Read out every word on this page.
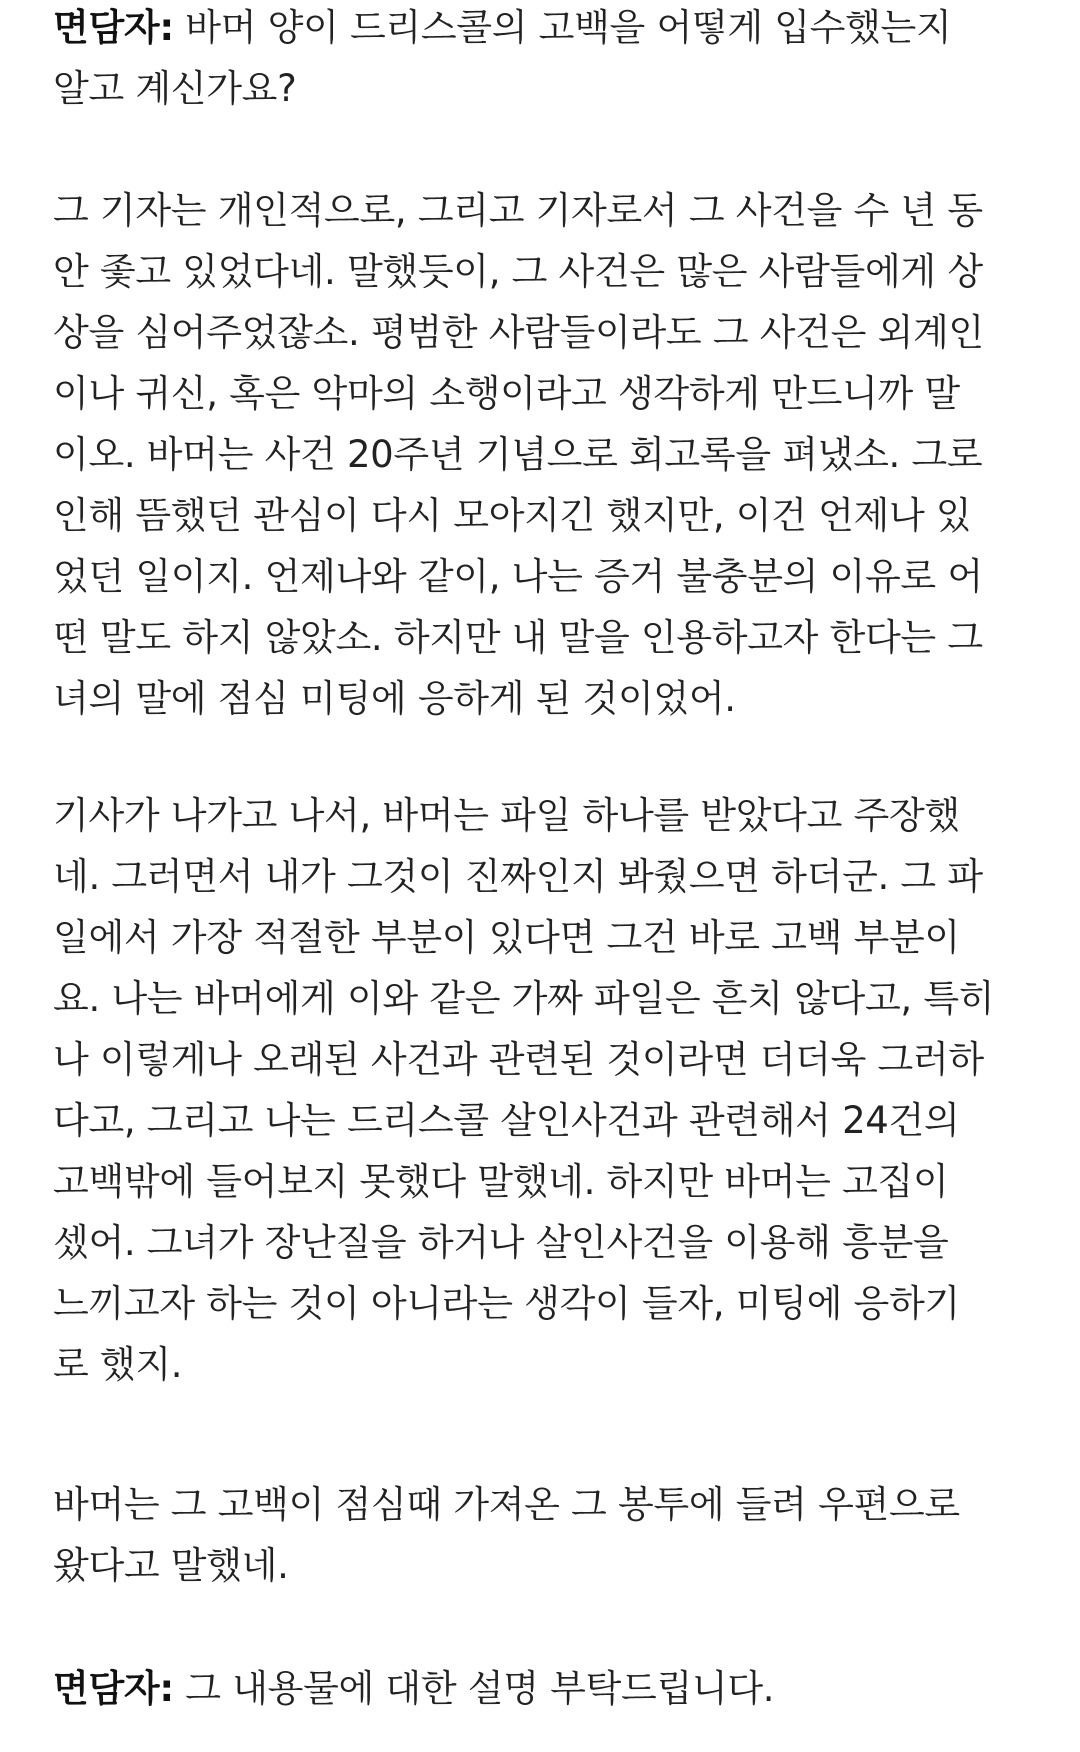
면담자: 바머 양이 드리스콜의 고백을 어떻게 입수했는지
알고 계신가요?

그 기자는 개인적으로, 그리고 기자로서 그 사건을 수 년 동
안 좇고 있었다네. 말했듯이, 그 사건은 많은 사람들에게 상
상을 심어주었잖소. 평범한 사람들이라도 그 사건은 외계인
이나 귀신, 혹은 악마의 소행이라고 생각하게 만드니까 말
이오. 바머는 사건 20주년 기념으로 회고록을 펴냈소. 그로
인해 뜸했던 관심이 다시 모아지긴 했지만, 이건 언제나 있
었던 일이지. 언제나와 같이, 나는 증거 불충분의 이유로 어
떤 말도 하지 않았소. 하지만 내 말을 인용하고자 한다는 그
녀의 말에 점심 미팅에 응하게 된 것이었어.

기사가 나가고 나서, 바머는 파일 하나를 받았다고 주장했
네. 그러면서 내가 그것이 진짜인지 봐줬으면 하더군. 그 파
일에서 가장 적절한 부분이 있다면 그건 바로 고백 부분이
요. 나는 바머에게 이와 같은 가짜 파일은 흔치 않다고, 특히
나 이렇게나 오래된 사건과 관련된 것이라면 더더욱 그러하
다고, 그리고 나는 드리스콜 살인사건과 관련해서 24건의
고백밖에 들어보지 못했다 말했네. 하지만 바머는 고집이
셌어. 그녀가 장난질을 하거나 살인사건을 이용해 흥분을
느끼고자 하는 것이 아니라는 생각이 들자, 미팅에 응하기
로 했지.

바머는 그 고백이 점심때 가져온 그 봉투에 들려 우편으로
왔다고 말했네.

면담자: 그 내용물에 대한 설명 부탁드립니다.
